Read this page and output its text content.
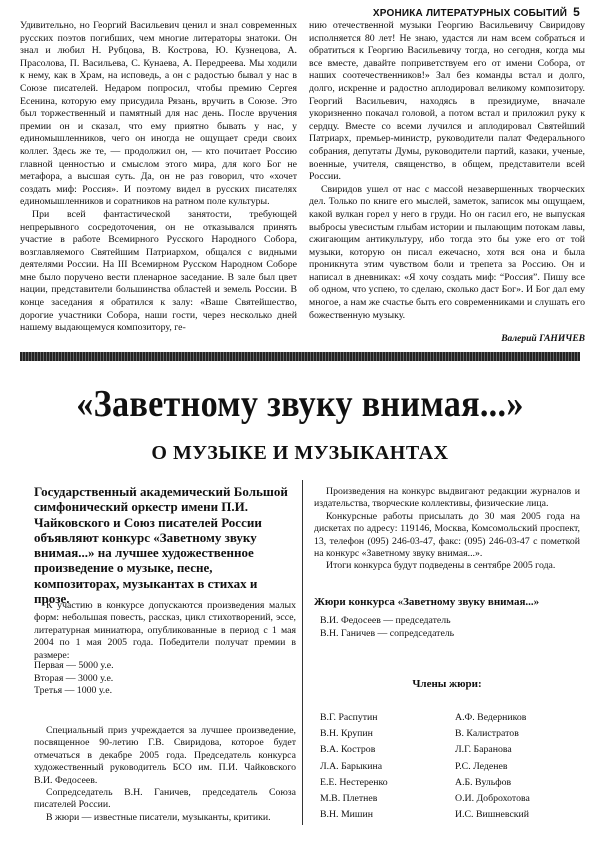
ХРОНИКА ЛИТЕРАТУРНЫХ СОБЫТИЙ 5

Удивительно, но Георгий Васильевич ценил и знал современных русских поэтов погибших, чем многие литераторы знатоки. Он знал и любил Н. Рубцова, В. Кострова, Ю. Кузнецова, А. Прасолова, П. Васильева, С. Кунаева, А. Передреева. Мы ходили к нему, как в Храм, на исповедь, а он с радостью бывал у нас в Союзе писателей. Недаром попросил, чтобы премию Сергея Есенина, которую ему присудила Рязань, вручить в Союзе. Это был торжественный и памятный для нас день. После вручения премии он и сказал, что ему приятно бывать у нас, у единомышленников, чего он иногда не ощущает среди своих коллег. Здесь же те, — продолжил он, — кто почитает Россию главной ценностью и смыслом этого мира, для кого Бог не метафора, а высшая суть. Да, он не раз говорил, что «хочет создать миф: Россия». И поэтому видел в русских писателях единомышленников и соратников на ратном поле культуры.

При всей фантастической занятости, требующей непрерывного сосредоточения, он не отказывался принять участие в работе Всемирного Русского Народного Собора, возглавляемого Святейшим Патриархом, общался с видными деятелями России. На III Всемирном Русском Народном Соборе мне было поручено вести пленарное заседание. В зале был цвет нации, представители большинства областей и земель России. В конце заседания я обратился к залу: «Ваше Святейшество, дорогие участники Собора, наши гости, через несколько дней нашему выдающемуся композитору, ге-

нию отечественной музыки Георгию Васильевичу Свиридову исполняется 80 лет! Не знаю, удастся ли нам всем собраться и обратиться к Георгию Васильевичу тогда, но сегодня, когда мы все вместе, давайте поприветствуем его от имени Собора, от наших соотечественников!» Зал без команды встал и долго, долго, искренне и радостно аплодировал великому композитору. Георгий Васильевич, находясь в президиуме, вначале укоризненно покачал головой, а потом встал и приложил руку к сердцу. Вместе со всеми лучился и аплодировал Святейший Патриарх, премьер-министр, руководители палат Федерального собрания, депутаты Думы, руководители партий, казаки, ученые, военные, учителя, священство, в общем, представители всей России.

Свиридов ушел от нас с массой незавершенных творческих дел. Только по книге его мыслей, заметок, записок мы ощущаем, какой вулкан горел у него в груди. Но он гасил его, не выпуская выбросы увесистым глыбам истории и пылающим потокам лавы, сжигающим антикультуру, ибо тогда это бы уже его от той музыки, которую он писал ежечасно, хотя вся она и была проникнута этим чувством боли и трепета за Россию. Он и написал в дневниках: «Я хочу создать миф: “Россия”. Пишу все об одном, что успею, то сделаю, сколько даст Бог». И Бог дал ему многое, а нам же счастье быть его современниками и слушать его божественную музыку.

Валерий ГАНИЧЕВ
«Заветному звуку внимая...»
О МУЗЫКЕ И МУЗЫКАНТАХ
Государственный академический Большой симфонический оркестр имени П.И. Чайковского и Союз писателей России объявляют конкурс «Заветному звуку внимая...» на лучшее художественное произведение о музыке, песне, композиторах, музыкантах в стихах и прозе.

К участию в конкурсе допускаются произведения малых форм: небольшая повесть, рассказ, цикл стихотворений, эссе, литературная миниатюра, опубликованные в период с 1 мая 2004 по 1 мая 2005 года. Победители получат премии в размере:

Первая — 5000 у.е.
Вторая — 3000 у.е.
Третья — 1000 у.е.

Специальный приз учреждается за лучшее произведение, посвященное 90-летию Г.В. Свиридова, которое будет отмечаться в декабре 2005 года. Председатель конкурса художественный руководитель БСО им. П.И. Чайковского В.И. Федосеев.

Сопредседатель В.Н. Ганичев, председатель Союза писателей России.

В жюри — известные писатели, музыканты, критики.

Произведения на конкурс выдвигают редакции журналов и издательства, творческие коллективы, физические лица.

Конкурсные работы присылать до 30 мая 2005 года на дискетах по адресу: 119146, Москва, Комсомольский проспект, 13, телефон (095) 246-03-47, факс: (095) 246-03-47 с пометкой на конкурс «Заветному звуку внимая...».

Итоги конкурса будут подведены в сентябре 2005 года.

Жюри конкурса «Заветному звуку внимая...»
В.И. Федосеев — председатель
В.Н. Ганичев — сопредседатель
Члены жюри:
В.Г. Распутин
В.Н. Крупин
В.А. Костров
Л.А. Барыкина
Е.Е. Нестеренко
М.В. Плетнев
В.Н. Мишин
А.Ф. Ведерников
В. Калистратов
Л.Г. Баранова
Р.С. Леденев
А.Б. Вульфов
О.И. Доброхотова
И.С. Вишневский
